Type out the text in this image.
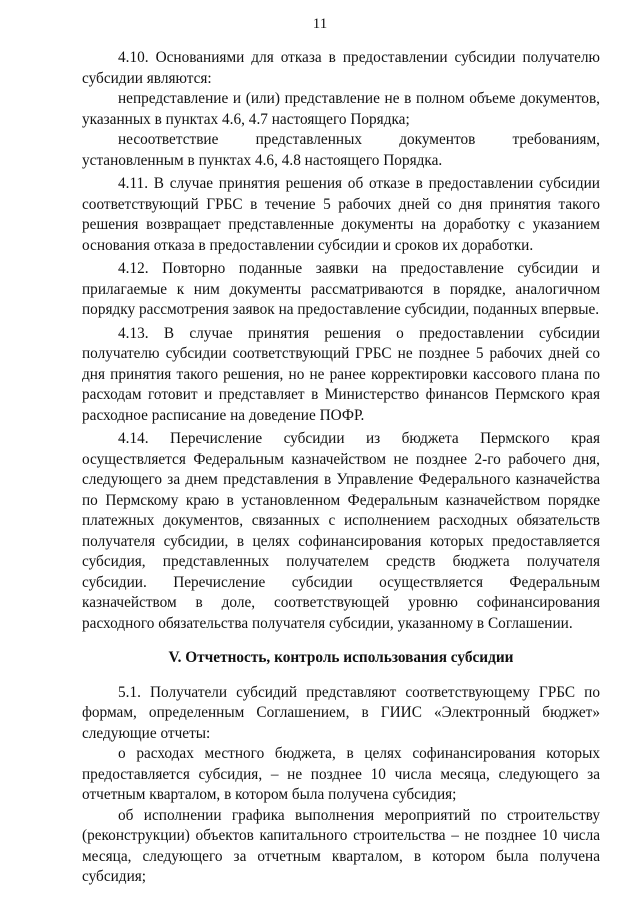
11

4.10. Основаниями для отказа в предоставлении субсидии получателю субсидии являются:

непредставление и (или) представление не в полном объеме документов, указанных в пунктах 4.6, 4.7 настоящего Порядка;

несоответствие представленных документов требованиям, установленным в пунктах 4.6, 4.8 настоящего Порядка.

4.11. В случае принятия решения об отказе в предоставлении субсидии соответствующий ГРБС в течение 5 рабочих дней со дня принятия такого решения возвращает представленные документы на доработку с указанием основания отказа в предоставлении субсидии и сроков их доработки.

4.12. Повторно поданные заявки на предоставление субсидии и прилагаемые к ним документы рассматриваются в порядке, аналогичном порядку рассмотрения заявок на предоставление субсидии, поданных впервые.

4.13. В случае принятия решения о предоставлении субсидии получателю субсидии соответствующий ГРБС не позднее 5 рабочих дней со дня принятия такого решения, но не ранее корректировки кассового плана по расходам готовит и представляет в Министерство финансов Пермского края расходное расписание на доведение ПОФР.

4.14. Перечисление субсидии из бюджета Пермского края осуществляется Федеральным казначейством не позднее 2-го рабочего дня, следующего за днем представления в Управление Федерального казначейства по Пермскому краю в установленном Федеральным казначейством порядке платежных документов, связанных с исполнением расходных обязательств получателя субсидии, в целях софинансирования которых предоставляется субсидия, представленных получателем средств бюджета получателя субсидии. Перечисление субсидии осуществляется Федеральным казначейством в доле, соответствующей уровню софинансирования расходного обязательства получателя субсидии, указанному в Соглашении.

V. Отчетность, контроль использования субсидии

5.1. Получатели субсидий представляют соответствующему ГРБС по формам, определенным Соглашением, в ГИИС «Электронный бюджет» следующие отчеты:

о расходах местного бюджета, в целях софинансирования которых предоставляется субсидия, – не позднее 10 числа месяца, следующего за отчетным кварталом, в котором была получена субсидия;

об исполнении графика выполнения мероприятий по строительству (реконструкции) объектов капитального строительства – не позднее 10 числа месяца, следующего за отчетным кварталом, в котором была получена субсидия;
